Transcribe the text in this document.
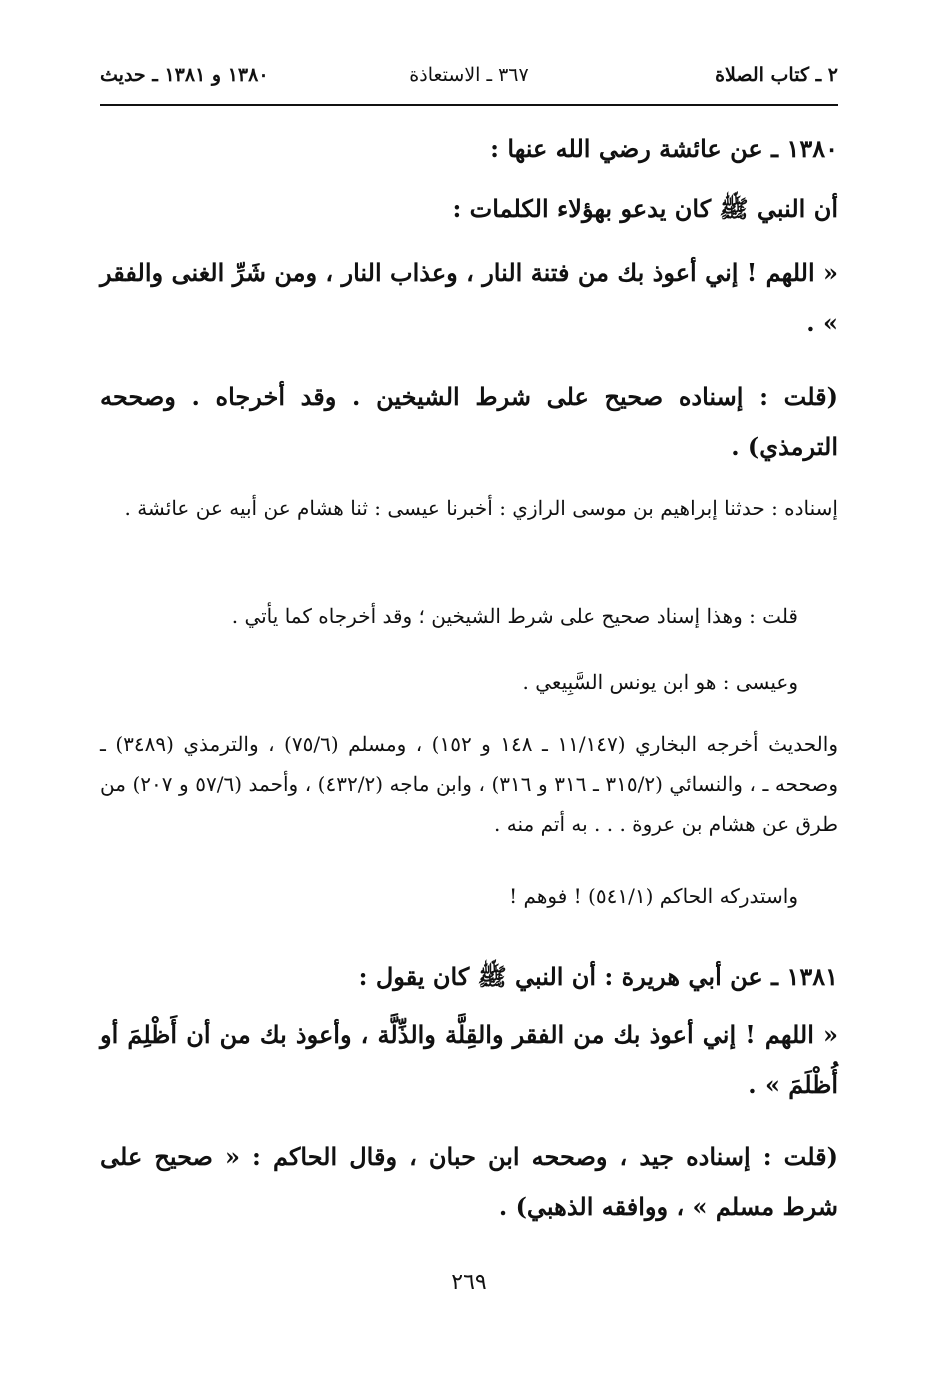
٢ ـ كتاب الصلاة
٣٦٧ ـ الاستعاذة
١٣٨٠ و ١٣٨١ ـ حديث
١٣٨٠ ـ عن عائشة رضي الله عنها :
أن النبي ﷺ كان يدعو بهؤلاء الكلمات :
« اللهم ! إني أعوذ بك من فتنة النار ، وعذاب النار ، ومن شَرِّ الغنى والفقر » .
(قلت : إسناده صحيح على شرط الشيخين . وقد أخرجاه . وصححه الترمذي) .
إسناده : حدثنا إبراهيم بن موسى الرازي : أخبرنا عيسى : ثنا هشام عن أبيه عن عائشة .
قلت : وهذا إسناد صحيح على شرط الشيخين ؛ وقد أخرجاه كما يأتي .
وعيسى : هو ابن يونس السَّبِيعي .
والحديث أخرجه البخاري (١١/١٤٧ ـ ١٤٨ و ١٥٢) ، ومسلم (٧٥/٦) ، والترمذي (٣٤٨٩) ـ وصححه ـ ، والنسائي (٣١٥/٢ ـ ٣١٦ و ٣١٦) ، وابن ماجه (٤٣٢/٢) ، وأحمد (٥٧/٦ و ٢٠٧) من طرق عن هشام بن عروة . . . به أتم منه .
واستدركه الحاكم (٥٤١/١) ! فوهم !
١٣٨١ ـ عن أبي هريرة : أن النبي ﷺ كان يقول :
« اللهم ! إني أعوذ بك من الفقر والقِلَّة والذِّلَّة ، وأعوذ بك من أن أَظْلِمَ أو أُظْلَمَ » .
(قلت : إسناده جيد ، وصححه ابن حبان ، وقال الحاكم : « صحيح على شرط مسلم » ، ووافقه الذهبي) .
٢٦٩
